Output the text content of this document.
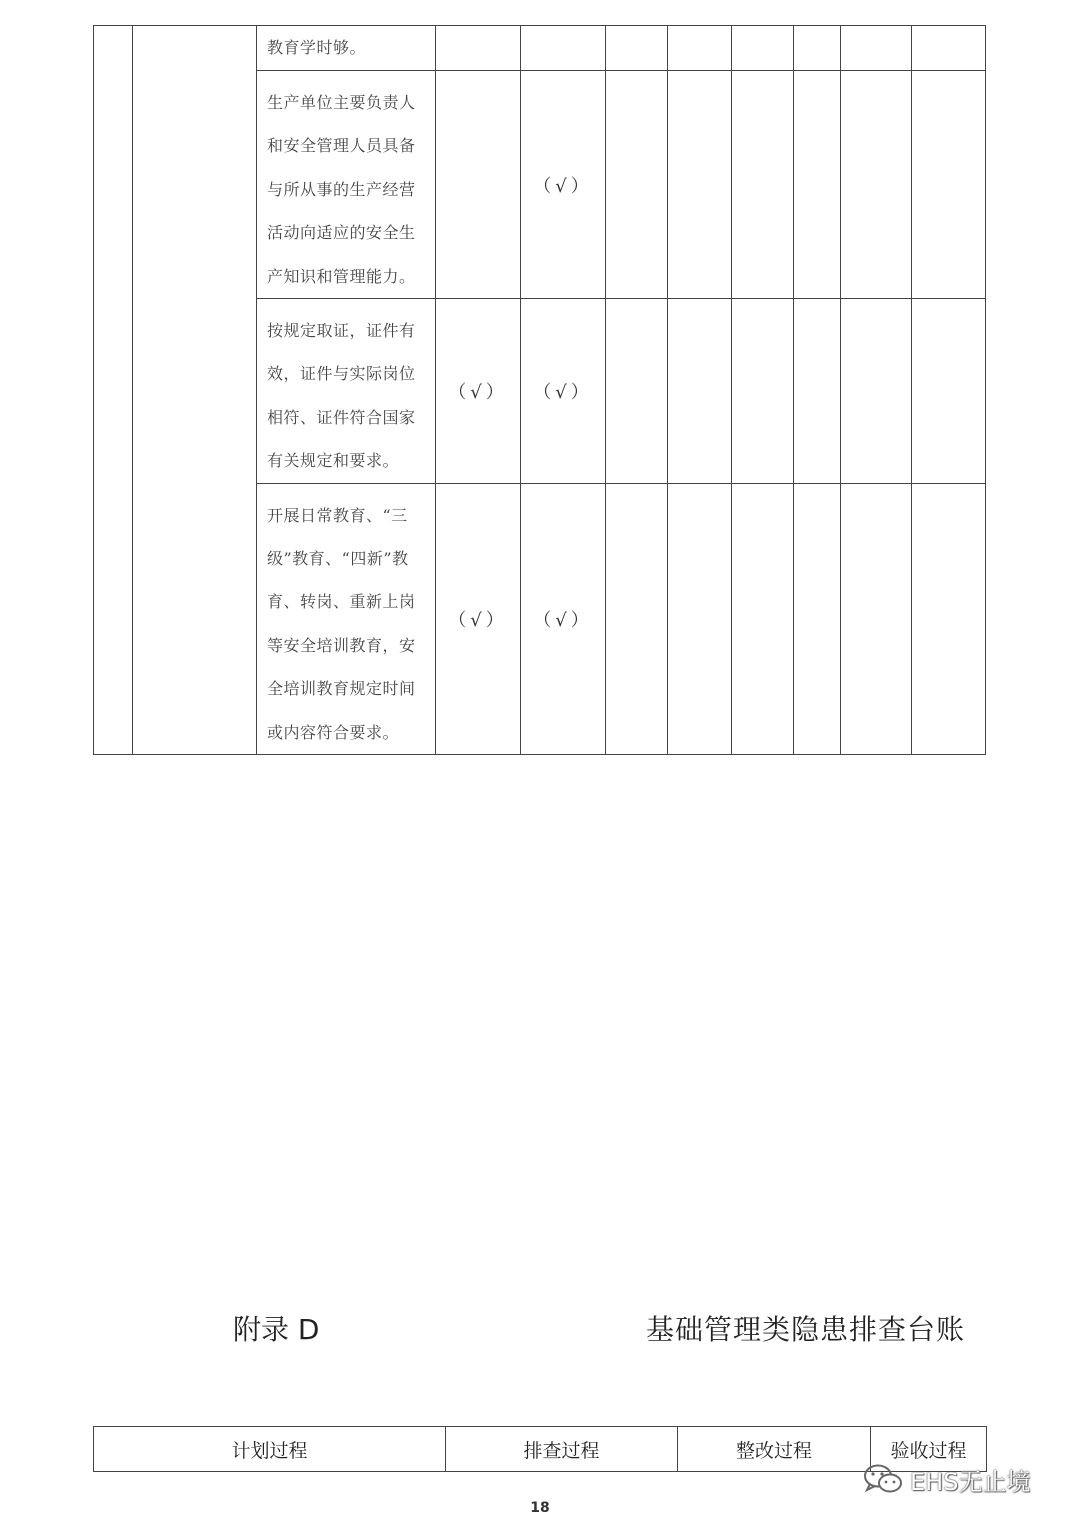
		教育学时够。								
		生产单位主要负责人和安全管理人员具备与所从事的生产经营活动向适应的安全生产知识和管理能力。		（√）						
		按规定取证，证件有效，证件与实际岗位相符、证件符合国家有关规定和要求。	（√）	（√）						
		开展日常教育、“三级”教育、“四新”教育、转岗、重新上岗等安全培训教育，安全培训教育规定时间或内容符合要求。	（√）	（√）						
附录 D	基础管理类隐患排查台账
计划过程	排查过程	整改过程	验收过程
EHS无止境
18
